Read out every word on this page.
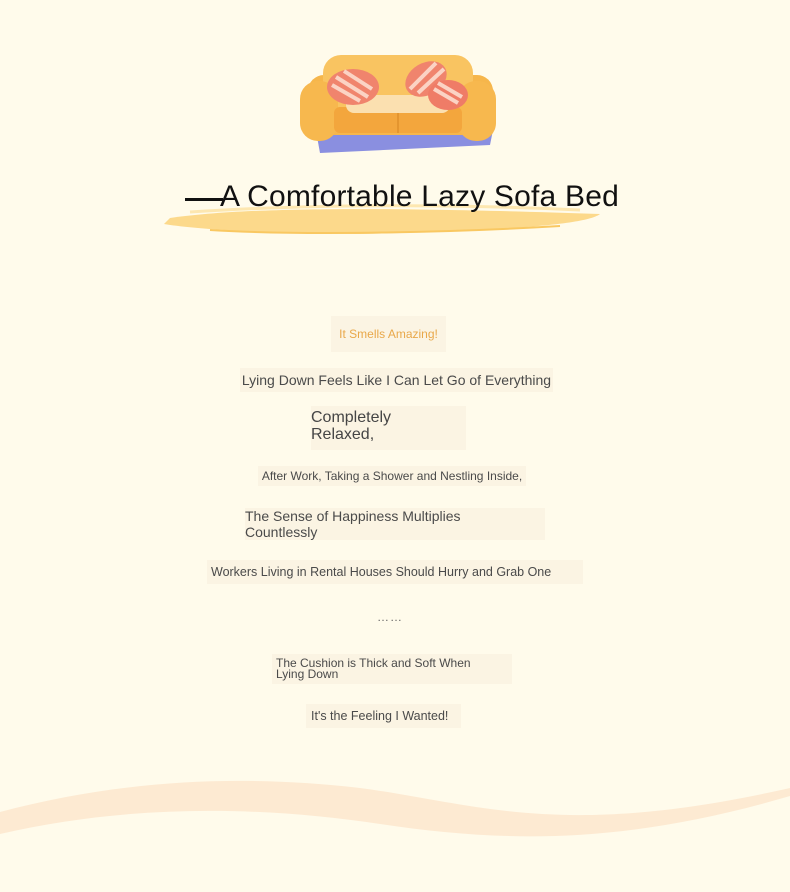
A Comfortable Lazy Sofa Bed
It Smells Amazing!
Lying Down Feels Like I Can Let Go of Everything
Completely Relaxed,
After Work, Taking a Shower and Nestling Inside,
The Sense of Happiness Multiplies Countlessly
Workers Living in Rental Houses Should Hurry and Grab One
……
The Cushion is Thick and Soft When Lying Down
It's the Feeling I Wanted!
